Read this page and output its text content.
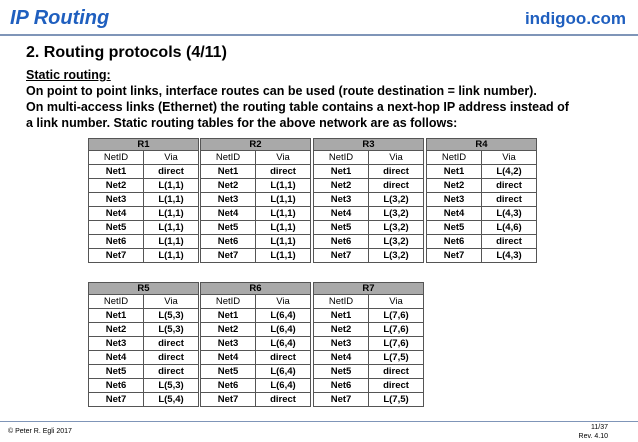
IP Routing	indigoo.com
2. Routing protocols (4/11)
Static routing:
On point to point links, interface routes can be used (route destination = link number).
On multi-access links (Ethernet) the routing table contains a next-hop IP address instead of
a link number. Static routing tables for the above network are as follows:
R1	
NetID	Via
Net1	direct
Net2	L(1,1)
Net3	L(1,1)
Net4	L(1,1)
Net5	L(1,1)
Net6	L(1,1)
Net7	L(1,1)
R2	
NetID	Via
Net1	direct
Net2	L(1,1)
Net3	L(1,1)
Net4	L(1,1)
Net5	L(1,1)
Net6	L(1,1)
Net7	L(1,1)
R3	
NetID	Via
Net1	direct
Net2	direct
Net3	L(3,2)
Net4	L(3,2)
Net5	L(3,2)
Net6	L(3,2)
Net7	L(3,2)
R4	
NetID	Via
Net1	L(4,2)
Net2	direct
Net3	direct
Net4	L(4,3)
Net5	L(4,6)
Net6	direct
Net7	L(4,3)
R5	
NetID	Via
Net1	L(5,3)
Net2	L(5,3)
Net3	direct
Net4	direct
Net5	direct
Net6	L(5,3)
Net7	L(5,4)
R6	
NetID	Via
Net1	L(6,4)
Net2	L(6,4)
Net3	L(6,4)
Net4	direct
Net5	L(6,4)
Net6	L(6,4)
Net7	direct
R7	
NetID	Via
Net1	L(7,6)
Net2	L(7,6)
Net3	L(7,6)
Net4	L(7,5)
Net5	direct
Net6	direct
Net7	L(7,5)
© Peter R. Egli 2017
11/37
Rev. 4.10
